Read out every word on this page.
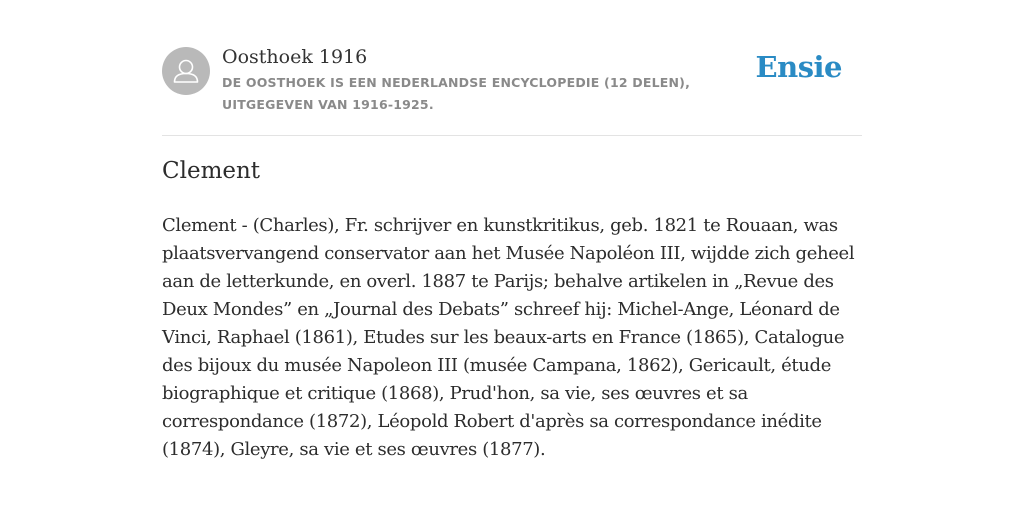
Oosthoek 1916
DE OOSTHOEK IS EEN NEDERLANDSE ENCYCLOPEDIE (12 DELEN), UITGEGEVEN VAN 1916-1925.
Ensie
Clement

Clement - (Charles), Fr. schrijver en kunstkritikus, geb. 1821 te Rouaan, was plaatsvervangend conservator aan het Musée Napoléon III, wijdde zich geheel aan de letterkunde, en overl. 1887 te Parijs; behalve artikelen in „Revue des Deux Mondes” en „Journal des Debats” schreef hij: Michel-Ange, Léonard de Vinci, Raphael (1861), Etudes sur les beaux-arts en France (1865), Catalogue des bijoux du musée Napoleon III (musée Campana, 1862), Gericault, étude biographique et critique (1868), Prud'hon, sa vie, ses œuvres et sa correspondance (1872), Léopold Robert d'après sa correspondance inédite (1874), Gleyre, sa vie et ses œuvres (1877).
